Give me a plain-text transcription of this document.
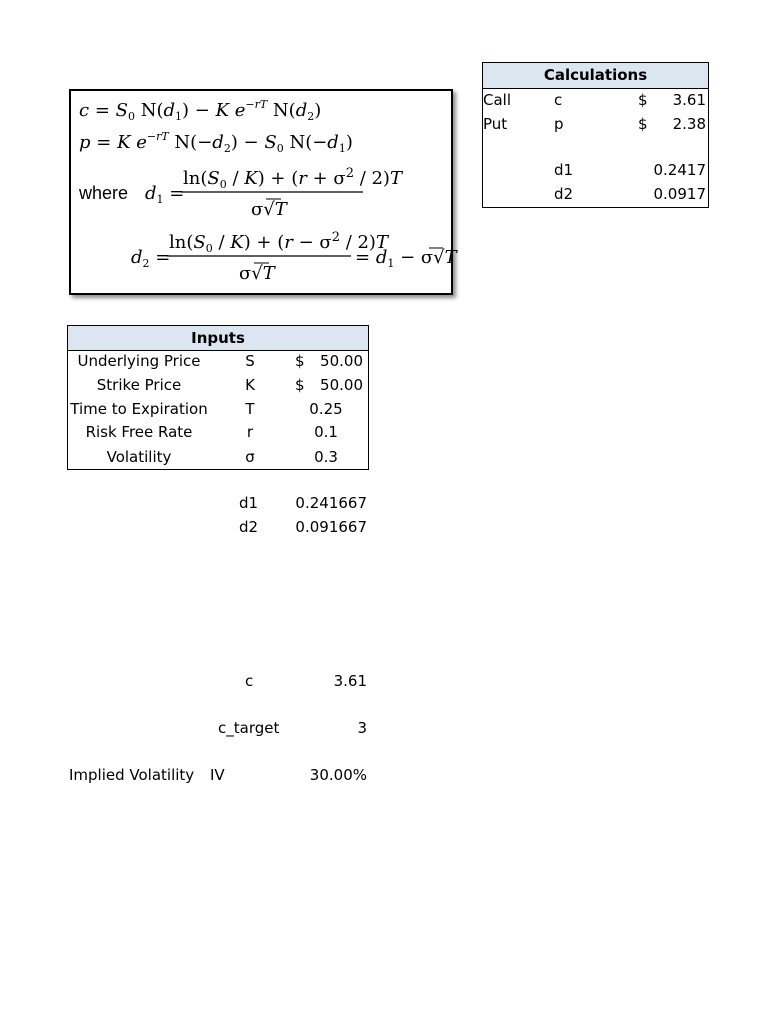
$c = S_0$ $N(d_1) - K$ $e^{-rT}$ $N(d_2)$
p = K $e^{-rT}$ $N(-d_2) - S_0$ $N(-d_1)$
where $d_1$ =
$\ln(S_0 / K) + (r + \sigma^2 / 2)T$
σ√T
$d_2$ =
$\ln(S_0 / K) + (r - \sigma^2 / 2)T$
σ√T
= $d_1 - \sigma√T$
Calculations
Call	c	$ 3.61
Put	p	$ 2.38
d1	0.2417
d2	0.0917
Inputs
Underlying Price	S	$ 50.00
Strike Price	K	$ 50.00
Time to Expiration	T	0.25
Risk Free Rate	r	0.1
Volatility	σ	0.3
d1 0.241667
d2 0.091667
c	3.61
c_target	3
Implied Volatility IV	30.00%
